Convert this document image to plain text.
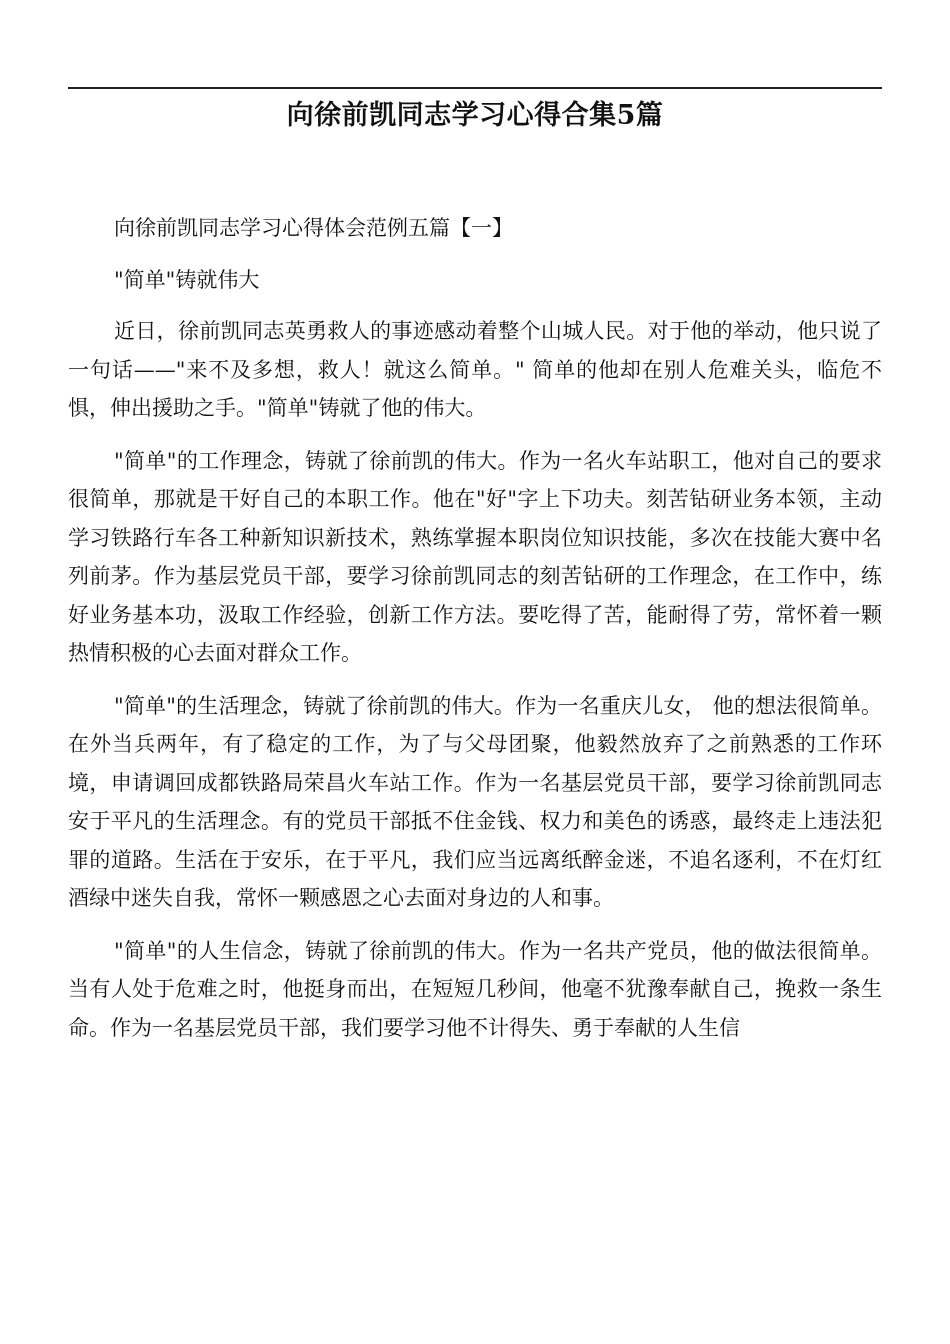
向徐前凯同志学习心得合集5篇

向徐前凯同志学习心得体会范例五篇【一】

"简单"铸就伟大

近日，徐前凯同志英勇救人的事迹感动着整个山城人民。对于他的举动，他只说了一句话——"来不及多想，救人！就这么简单。" 简单的他却在别人危难关头，临危不惧，伸出援助之手。"简单"铸就了他的伟大。

"简单"的工作理念，铸就了徐前凯的伟大。作为一名火车站职工，他对自己的要求很简单，那就是干好自己的本职工作。他在"好"字上下功夫。刻苦钻研业务本领，主动学习铁路行车各工种新知识新技术，熟练掌握本职岗位知识技能，多次在技能大赛中名列前茅。作为基层党员干部，要学习徐前凯同志的刻苦钻研的工作理念，在工作中，练好业务基本功，汲取工作经验，创新工作方法。要吃得了苦，能耐得了劳，常怀着一颗热情积极的心去面对群众工作。

"简单"的生活理念，铸就了徐前凯的伟大。作为一名重庆儿女， 他的想法很简单。在外当兵两年，有了稳定的工作，为了与父母团聚，他毅然放弃了之前熟悉的工作环境，申请调回成都铁路局荣昌火车站工作。作为一名基层党员干部，要学习徐前凯同志安于平凡的生活理念。有的党员干部抵不住金钱、权力和美色的诱惑，最终走上违法犯罪的道路。生活在于安乐，在于平凡，我们应当远离纸醉金迷，不追名逐利，不在灯红酒绿中迷失自我，常怀一颗感恩之心去面对身边的人和事。

"简单"的人生信念，铸就了徐前凯的伟大。作为一名共产党员，他的做法很简单。当有人处于危难之时，他挺身而出，在短短几秒间，他毫不犹豫奉献自己，挽救一条生命。作为一名基层党员干部，我们要学习他不计得失、勇于奉献的人生信
